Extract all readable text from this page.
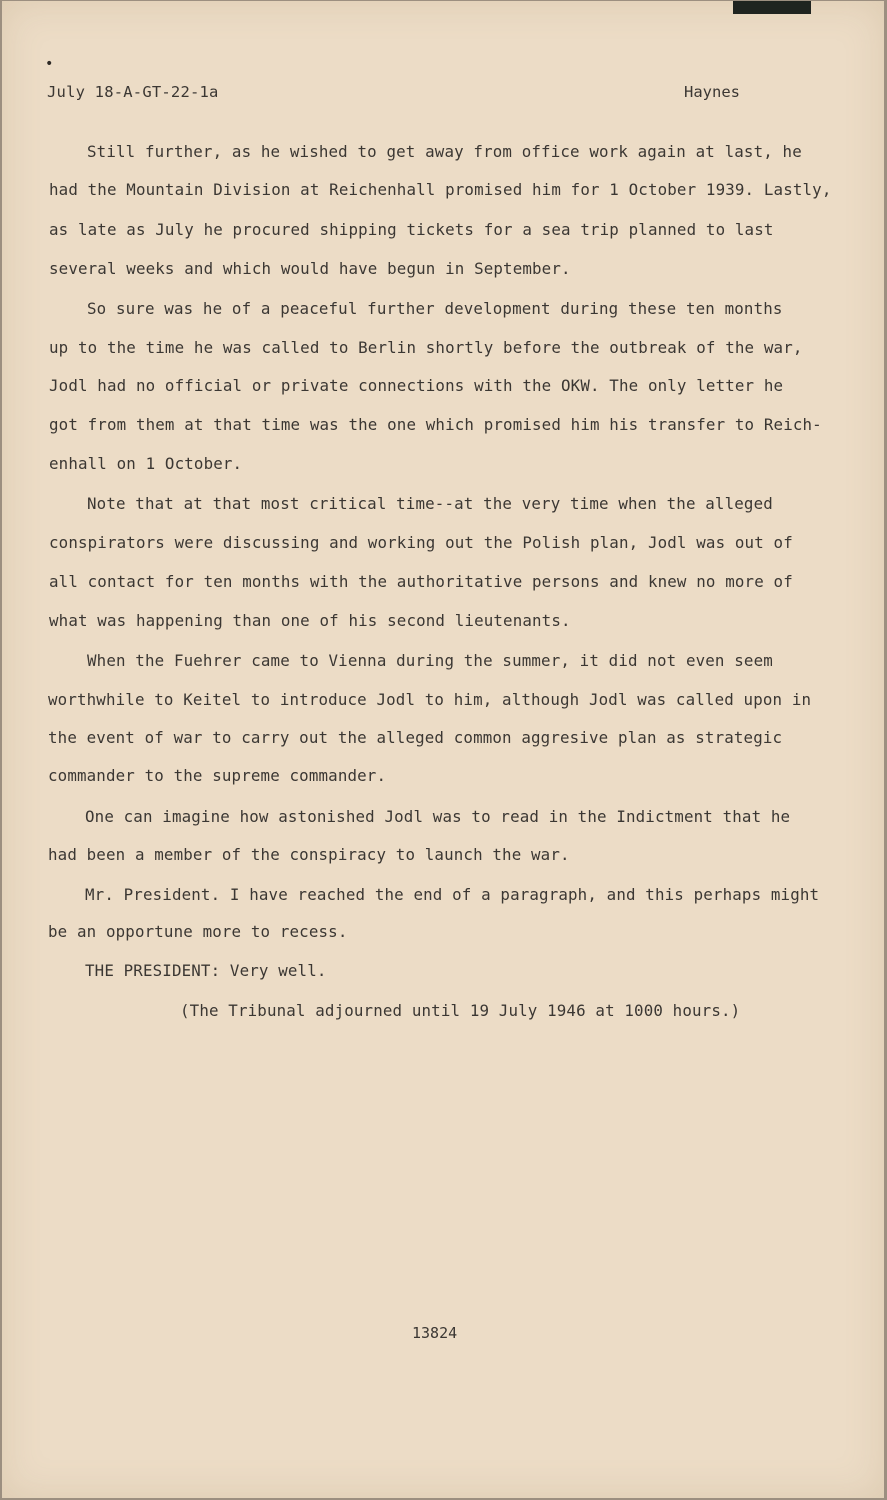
•
July 18-A-GT-22-1a	Haynes
Still further, as he wished to get away from office work again at last, he
had the Mountain Division at Reichenhall promised him for 1 October 1939. Lastly,
as late as July he procured shipping tickets for a sea trip planned to last
several weeks and which would have begun in September.
So sure was he of a peaceful further development during these ten months
up to the time he was called to Berlin shortly before the outbreak of the war,
Jodl had no official or private connections with the OKW. The only letter he
got from them at that time was the one which promised him his transfer to Reich-
enhall on 1 October.
Note that at that most critical time--at the very time when the alleged
conspirators were discussing and working out the Polish plan, Jodl was out of
all contact for ten months with the authoritative persons and knew no more of
what was happening than one of his second lieutenants.
When the Fuehrer came to Vienna during the summer, it did not even seem
worthwhile to Keitel to introduce Jodl to him, although Jodl was called upon in
the event of war to carry out the alleged common aggresive plan as strategic
commander to the supreme commander.
One can imagine how astonished Jodl was to read in the Indictment that he
had been a member of the conspiracy to launch the war.
Mr. President. I have reached the end of a paragraph, and this perhaps might
be an opportune more to recess.
THE PRESIDENT: Very well.
(The Tribunal adjourned until 19 July 1946 at 1000 hours.)
13824
